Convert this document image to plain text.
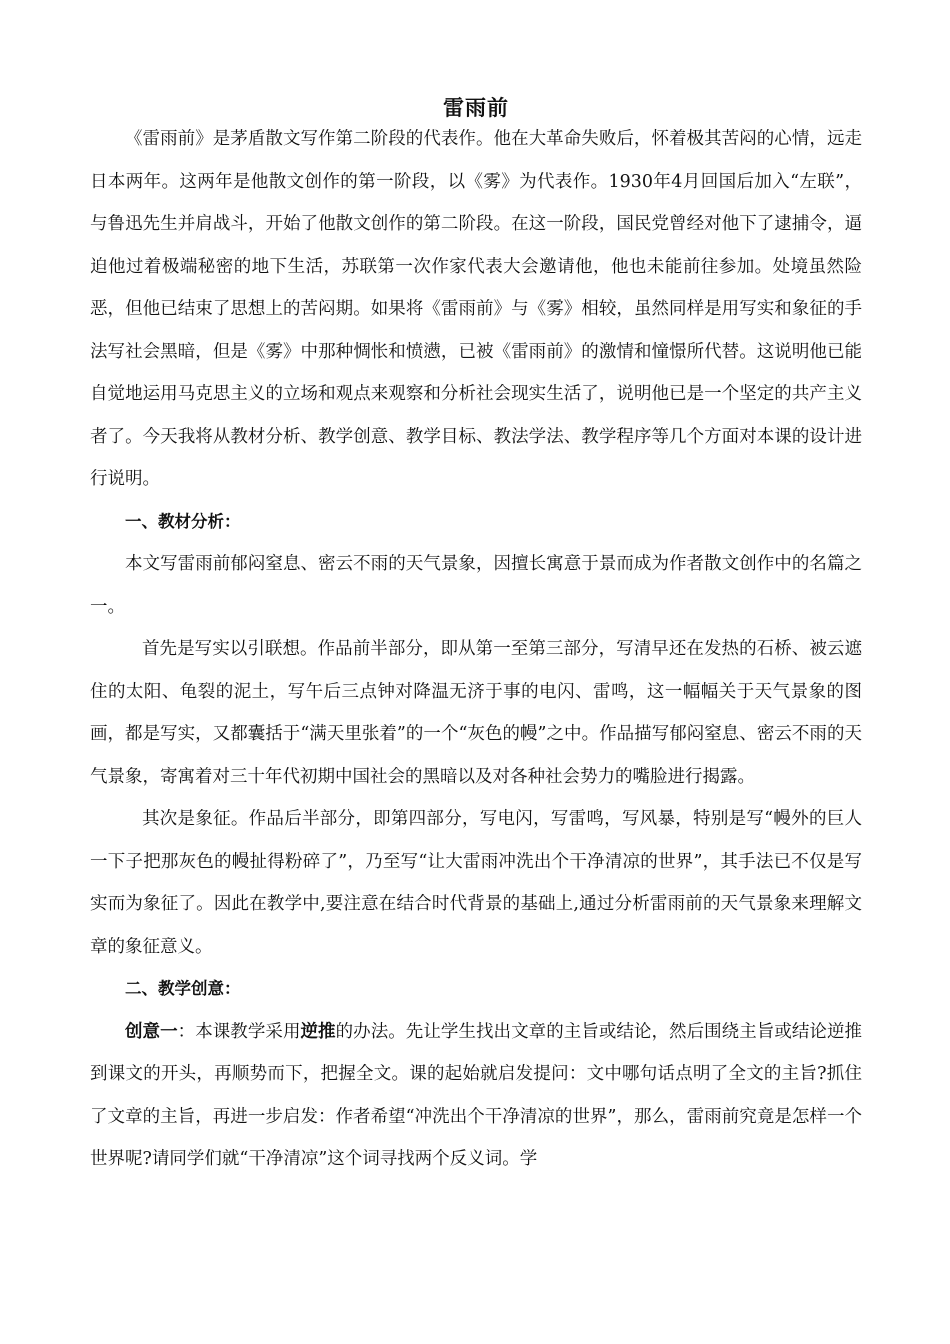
雷雨前

《雷雨前》是茅盾散文写作第二阶段的代表作。他在大革命失败后，怀着极其苦闷的心情，远走日本两年。这两年是他散文创作的第一阶段，以《雾》为代表作。1930年4月回国后加入“左联”，与鲁迅先生并肩战斗，开始了他散文创作的第二阶段。在这一阶段，国民党曾经对他下了逮捕令，逼迫他过着极端秘密的地下生活，苏联第一次作家代表大会邀请他，他也未能前往参加。处境虽然险恶，但他已结束了思想上的苦闷期。如果将《雷雨前》与《雾》相较，虽然同样是用写实和象征的手法写社会黑暗，但是《雾》中那种惆怅和愤懑，已被《雷雨前》的激情和憧憬所代替。这说明他已能自觉地运用马克思主义的立场和观点来观察和分析社会现实生活了，说明他已是一个坚定的共产主义者了。今天我将从教材分析、教学创意、教学目标、教法学法、教学程序等几个方面对本课的设计进行说明。

一、教材分析：

本文写雷雨前郁闷窒息、密云不雨的天气景象，因擅长寓意于景而成为作者散文创作中的名篇之一。

首先是写实以引联想。作品前半部分，即从第一至第三部分，写清早还在发热的石桥、被云遮住的太阳、龟裂的泥土，写午后三点钟对降温无济于事的电闪、雷鸣，这一幅幅关于天气景象的图画，都是写实，又都囊括于“满天里张着”的一个“灰色的幔”之中。作品描写郁闷窒息、密云不雨的天气景象，寄寓着对三十年代初期中国社会的黑暗以及对各种社会势力的嘴脸进行揭露。

其次是象征。作品后半部分，即第四部分，写电闪，写雷鸣，写风暴，特别是写“幔外的巨人一下子把那灰色的幔扯得粉碎了”，乃至写“让大雷雨冲洗出个干净清凉的世界”，其手法已不仅是写实而为象征了。因此在教学中,要注意在结合时代背景的基础上,通过分析雷雨前的天气景象来理解文章的象征意义。

二、教学创意：

创意一：本课教学采用逆推的办法。先让学生找出文章的主旨或结论，然后围绕主旨或结论逆推到课文的开头，再顺势而下，把握全文。课的起始就启发提问：文中哪句话点明了全文的主旨?抓住了文章的主旨，再进一步启发：作者希望“冲洗出个干净清凉的世界”，那么，雷雨前究竟是怎样一个世界呢?请同学们就“干净清凉”这个词寻找两个反义词。学
